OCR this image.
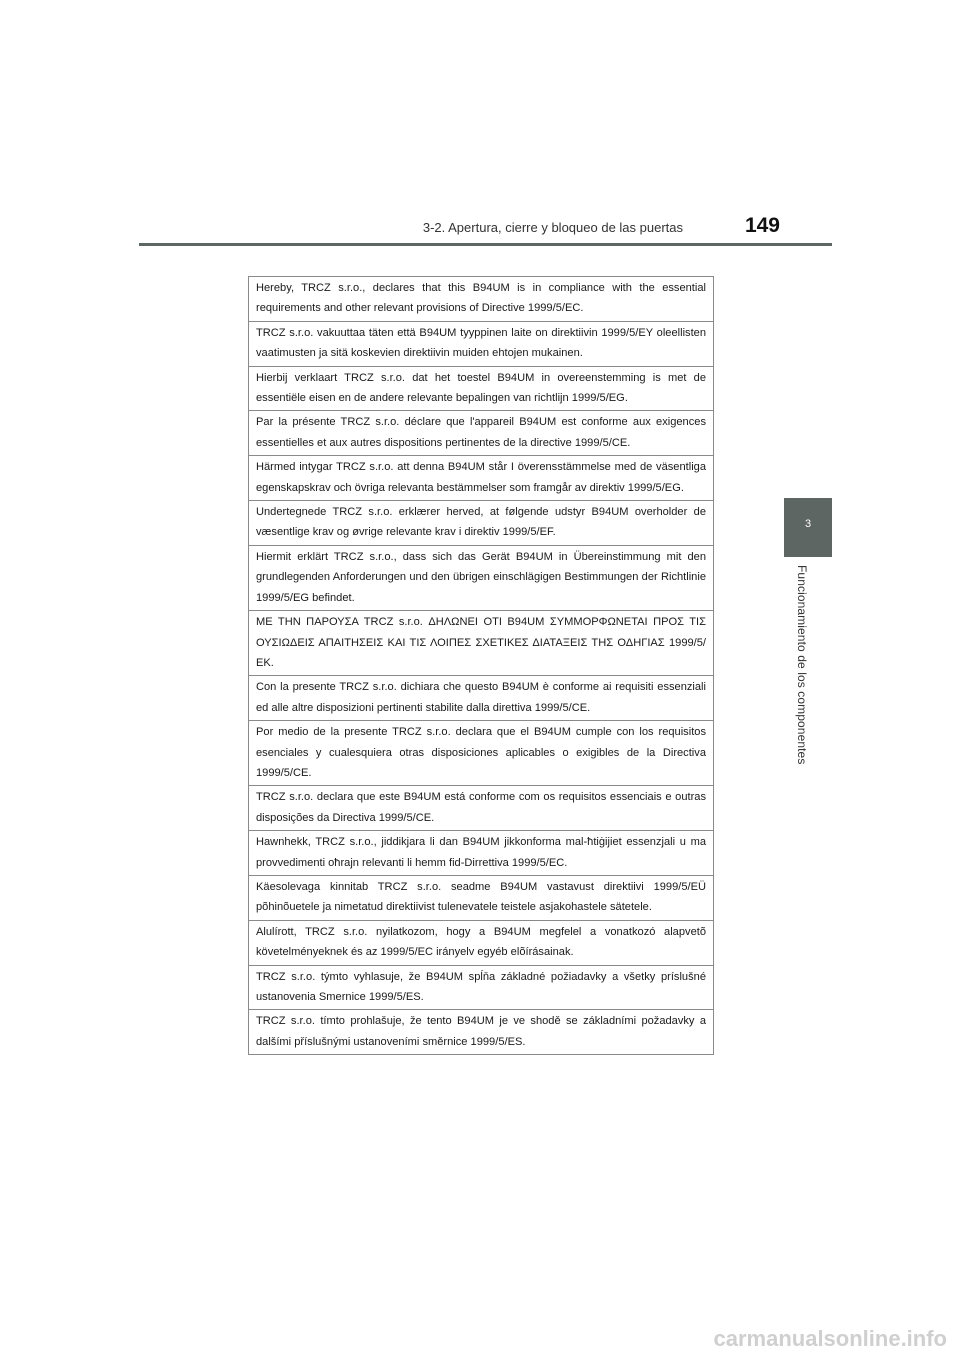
3-2. Apertura, cierre y bloqueo de las puertas	149
3
Funcionamiento de los componentes
Hereby, TRCZ s.r.o., declares that this B94UM is in compliance with the essential requirements and other relevant provisions of Directive 1999/5/EC.
TRCZ s.r.o. vakuuttaa täten että B94UM tyyppinen laite on direktiivin 1999/5/EY oleellisten vaatimusten ja sitä koskevien direktiivin muiden ehtojen mukainen.
Hierbij verklaart TRCZ s.r.o. dat het toestel B94UM in overeenstemming is met de essentiële eisen en de andere relevante bepalingen van richtlijn 1999/5/EG.
Par la présente TRCZ s.r.o. déclare que l'appareil B94UM est conforme aux exigences essentielles et aux autres dispositions pertinentes de la directive 1999/5/CE.
Härmed intygar TRCZ s.r.o. att denna B94UM står I överensstämmelse med de väsentliga egenskapskrav och övriga relevanta bestämmelser som framgår av direktiv 1999/5/EG.
Undertegnede TRCZ s.r.o. erklærer herved, at følgende udstyr B94UM overholder de væsentlige krav og øvrige relevante krav i direktiv 1999/5/EF.
Hiermit erklärt TRCZ s.r.o., dass sich das Gerät B94UM in Übereinstimmung mit den grundlegenden Anforderungen und den übrigen einschlägigen Bestimmungen der Richtlinie 1999/5/EG befindet.
ΜΕ ΤΗΝ ΠΑΡΟΥΣΑ TRCZ s.r.o. ΔΗΛΩΝΕΙ ΟΤΙ B94UM ΣΥΜΜΟΡΦΩΝΕΤΑΙ ΠΡΟΣ ΤΙΣ ΟΥΣΙΩΔΕΙΣ ΑΠΑΙΤΗΣΕΙΣ ΚΑΙ ΤΙΣ ΛΟΙΠΕΣ ΣΧΕΤΙΚΕΣ ΔΙΑΤΑΞΕΙΣ ΤΗΣ ΟΔΗΓΙΑΣ 1999/5/ΕΚ.
Con la presente TRCZ s.r.o. dichiara che questo B94UM è conforme ai requisiti essenziali ed alle altre disposizioni pertinenti stabilite dalla direttiva 1999/5/CE.
Por medio de la presente TRCZ s.r.o. declara que el B94UM cumple con los requisitos esenciales y cualesquiera otras disposiciones aplicables o exigibles de la Directiva 1999/5/CE.
TRCZ s.r.o. declara que este B94UM está conforme com os requisitos essenciais e outras disposições da Directiva 1999/5/CE.
Hawnhekk, TRCZ s.r.o., jiddikjara li dan B94UM jikkonforma mal-ħtiġijiet essenzjali u ma provvedimenti oħrajn relevanti li hemm fid-Dirrettiva 1999/5/EC.
Käesolevaga kinnitab TRCZ s.r.o. seadme B94UM vastavust direktiivi 1999/5/EÜ põhinõuetele ja nimetatud direktiivist tulenevatele teistele asjakohastele sätetele.
Alulírott, TRCZ s.r.o. nyilatkozom, hogy a B94UM megfelel a vonatkozó alapvetõ követelményeknek és az 1999/5/EC irányelv egyéb elõírásainak.
TRCZ s.r.o. týmto vyhlasuje, že B94UM spĺňa základné požiadavky a všetky príslušné ustanovenia Smernice 1999/5/ES.
TRCZ s.r.o. tímto prohlašuje, že tento B94UM je ve shodě se základními požadavky a dalšími příslušnými ustanoveními směrnice 1999/5/ES.
carmanualsonline.info
